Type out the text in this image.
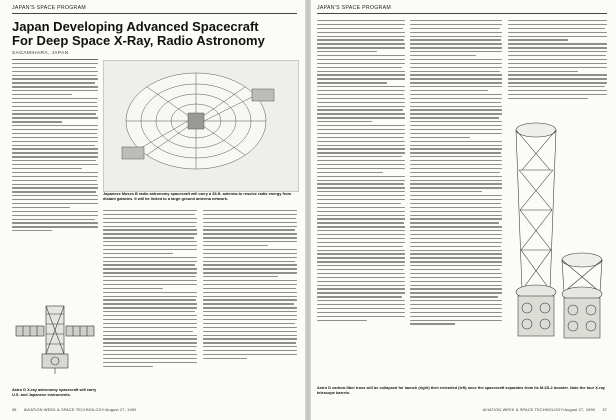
JAPAN'S SPACE PROGRAM
Japan Developing Advanced Spacecraft
For Deep Space X-Ray, Radio Astronomy
SAGAMIHARA, JAPAN
Astro D X-ray astronomy spacecraft will carry U.S. and Japanese instruments.
Japanese Muses B radio astronomy spacecraft will carry a 33-ft. antenna to resolve radio energy from distant galaxies. It will be linked to a large ground antenna network.
36 AVIATION WEEK & SPACE TECHNOLOGY/August 27, 1990
JAPAN'S SPACE PROGRAM
Astro D carbon-fiber truss will be collapsed for launch (right) then extended (left) once the spacecraft separates from its M-3S-2 booster. Note the four X-ray telescope barrels.
AVIATION WEEK & SPACE TECHNOLOGY/August 27, 1990 37
